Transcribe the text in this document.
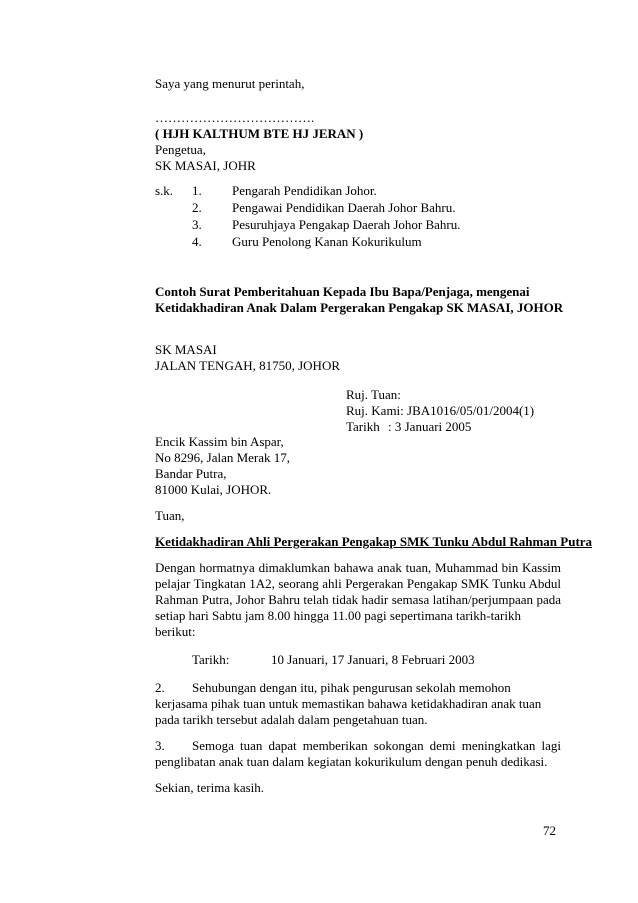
Saya yang menurut perintah,
……………………………….
( HJH KALTHUM BTE HJ JERAN )
Pengetua,
SK MASAI, JOHR
s.k. 1. Pengarah Pendidikan Johor.
2. Pengawai Pendidikan Daerah Johor Bahru.
3. Pesuruhjaya Pengakap Daerah Johor Bahru.
4. Guru Penolong Kanan Kokurikulum
Contoh Surat Pemberitahuan Kepada Ibu Bapa/Penjaga, mengenai
Ketidakhadiran Anak Dalam Pergerakan Pengakap SK MASAI, JOHOR
SK MASAI
JALAN TENGAH, 81750, JOHOR
Ruj. Tuan:
Ruj. Kami: JBA1016/05/01/2004(1)
Tarikh : 3 Januari 2005
Encik Kassim bin Aspar,
No 8296, Jalan Merak 17,
Bandar Putra,
81000 Kulai, JOHOR.
Tuan,
Ketidakhadiran Ahli Pergerakan Pengakap SMK Tunku Abdul Rahman Putra
Dengan hormatnya dimaklumkan bahawa anak tuan, Muhammad bin Kassim
pelajar Tingkatan 1A2, seorang ahli Pergerakan Pengakap SMK Tunku Abdul
Rahman Putra, Johor Bahru telah tidak hadir semasa latihan/perjumpaan pada
setiap hari Sabtu jam 8.00 hingga 11.00 pagi sepertimana tarikh-tarikh
berikut:
Tarikh:	10 Januari, 17 Januari, 8 Februari 2003
2. Sehubungan dengan itu, pihak pengurusan sekolah memohon
kerjasama pihak tuan untuk memastikan bahawa ketidakhadiran anak tuan
pada tarikh tersebut adalah dalam pengetahuan tuan.
3. Semoga tuan dapat memberikan sokongan demi meningkatkan lagi
penglibatan anak tuan dalam kegiatan kokurikulum dengan penuh dedikasi.
Sekian, terima kasih.
72
